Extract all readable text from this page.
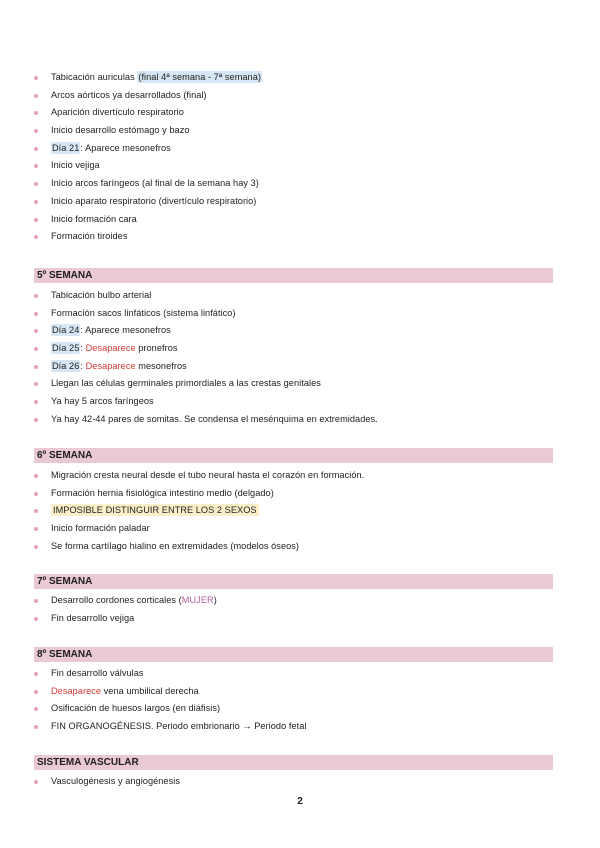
Tabicación auriculas (final 4ª semana - 7ª semana)
Arcos aórticos ya desarrollados (final)
Aparición divertículo respiratorio
Inicio desarrollo estómago y bazo
Día 21: Aparece mesonefros
Inicio vejiga
Inicio arcos faríngeos (al final de la semana hay 3)
Inicio aparato respiratorio (divertículo respiratorio)
Inicio formación cara
Formación tiroides
5º SEMANA
Tabicación bulbo arterial
Formación sacos linfáticos (sistema linfático)
Día 24: Aparece mesonefros
Día 25: Desaparece pronefros
Día 26: Desaparece mesonefros
Llegan las células germinales primordiales a las crestas genitales
Ya hay 5 arcos faríngeos
Ya hay 42-44 pares de somitas. Se condensa el mesénquima en extremidades.
6º SEMANA
Migración cresta neural desde el tubo neural hasta el corazón en formación.
Formación hernia fisiológica intestino medio (delgado)
IMPOSIBLE DISTINGUIR ENTRE LOS 2 SEXOS
Inicio formación paladar
Se forma cartílago hialino en extremidades (modelos óseos)
7º SEMANA
Desarrollo cordones corticales (MUJER)
Fin desarrollo vejiga
8º SEMANA
Fin desarrollo válvulas
Desaparece vena umbilical derecha
Osificación de huesos largos (en diáfisis)
FIN ORGANOGÉNESIS. Periodo embrionario → Periodo fetal
SISTEMA VASCULAR
Vasculogénesis y angiogénesis
2
